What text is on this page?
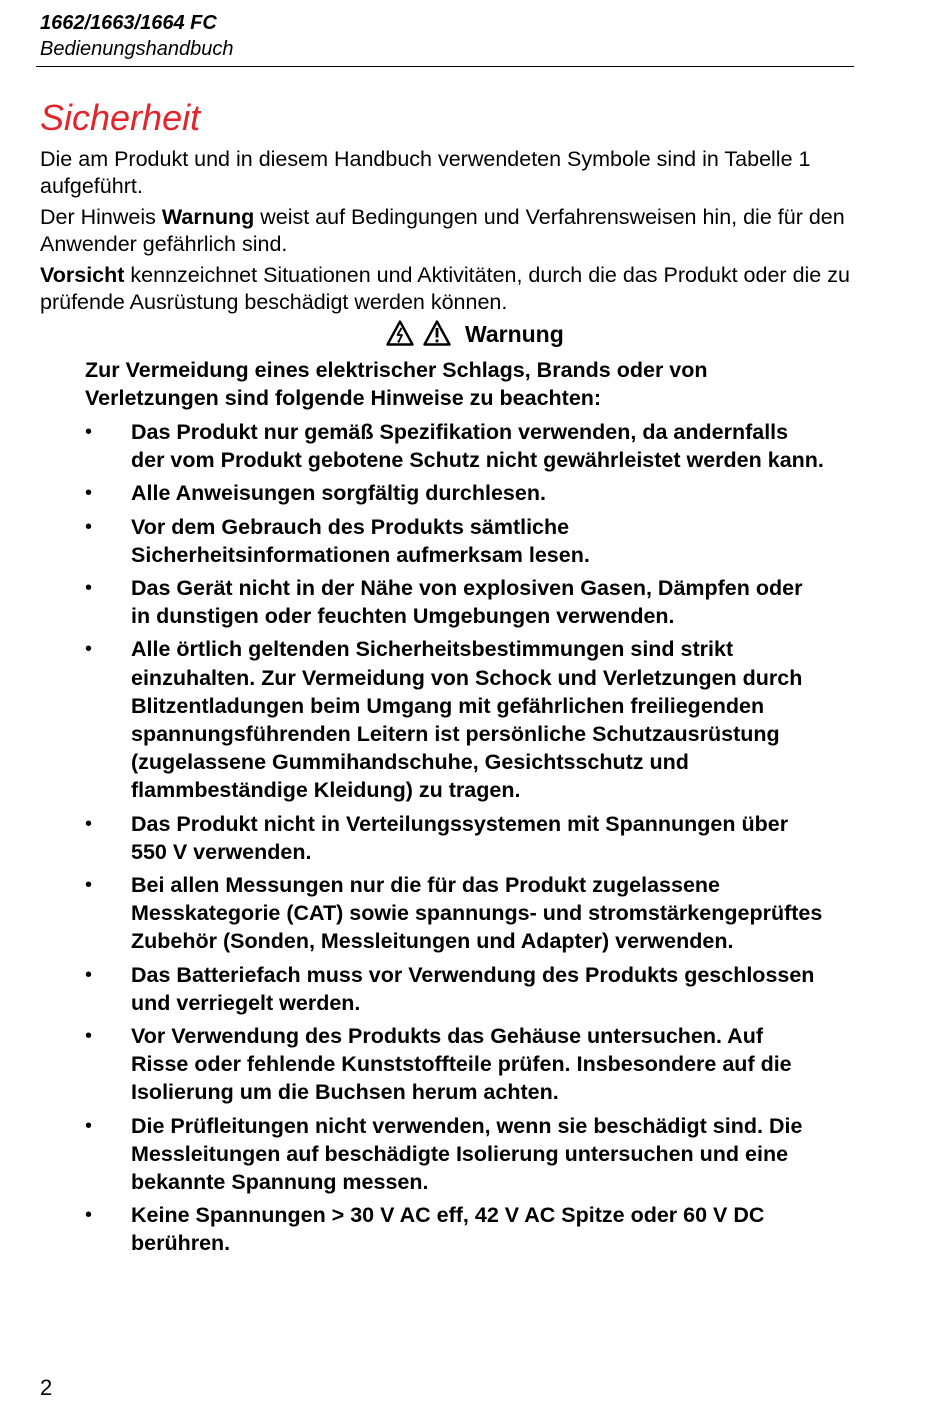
1662/1663/1664 FC
Bedienungshandbuch
Sicherheit

Die am Produkt und in diesem Handbuch verwendeten Symbole sind in Tabelle 1 aufgeführt.

Der Hinweis Warnung weist auf Bedingungen und Verfahrensweisen hin, die für den Anwender gefährlich sind.

Vorsicht kennzeichnet Situationen und Aktivitäten, durch die das Produkt oder die zu prüfende Ausrüstung beschädigt werden können.

Warnung

Zur Vermeidung eines elektrischer Schlags, Brands oder von Verletzungen sind folgende Hinweise zu beachten:

•	Das Produkt nur gemäß Spezifikation verwenden, da andernfalls der vom Produkt gebotene Schutz nicht gewährleistet werden kann.
•	Alle Anweisungen sorgfältig durchlesen.
•	Vor dem Gebrauch des Produkts sämtliche Sicherheitsinformationen aufmerksam lesen.
•	Das Gerät nicht in der Nähe von explosiven Gasen, Dämpfen oder in dunstigen oder feuchten Umgebungen verwenden.
•	Alle örtlich geltenden Sicherheitsbestimmungen sind strikt einzuhalten. Zur Vermeidung von Schock und Verletzungen durch Blitzentladungen beim Umgang mit gefährlichen freiliegenden spannungsführenden Leitern ist persönliche Schutzausrüstung (zugelassene Gummihandschuhe, Gesichtsschutz und flammbeständige Kleidung) zu tragen.
•	Das Produkt nicht in Verteilungssystemen mit Spannungen über 550 V verwenden.
•	Bei allen Messungen nur die für das Produkt zugelassene Messkategorie (CAT) sowie spannungs- und stromstärkengeprüftes Zubehör (Sonden, Messleitungen und Adapter) verwenden.
•	Das Batteriefach muss vor Verwendung des Produkts geschlossen und verriegelt werden.
•	Vor Verwendung des Produkts das Gehäuse untersuchen. Auf Risse oder fehlende Kunststoffteile prüfen. Insbesondere auf die Isolierung um die Buchsen herum achten.
•	Die Prüfleitungen nicht verwenden, wenn sie beschädigt sind. Die Messleitungen auf beschädigte Isolierung untersuchen und eine bekannte Spannung messen.
•	Keine Spannungen > 30 V AC eff, 42 V AC Spitze oder 60 V DC berühren.
2
